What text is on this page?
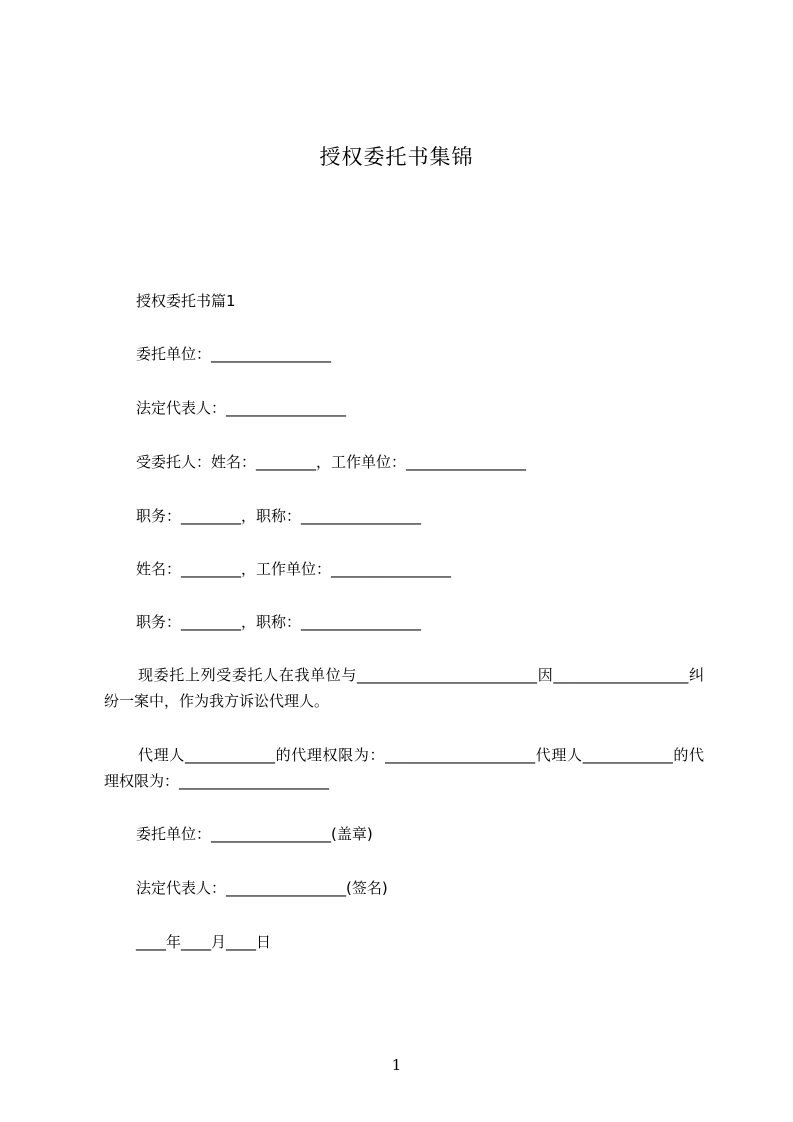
授权委托书集锦
授权委托书篇1
委托单位：________________
法定代表人：________________
受委托人：姓名：________，工作单位：________________
职务：________，职称：________________
姓名：________，工作单位：________________
职务：________，职称：________________
现委托上列受委托人在我单位与________________________因__________________纠纷一案中，作为我方诉讼代理人。
代理人____________的代理权限为：____________________代理人____________的代理权限为：____________________
委托单位：________________(盖章)
法定代表人：________________(签名)
____年____月____日
1
